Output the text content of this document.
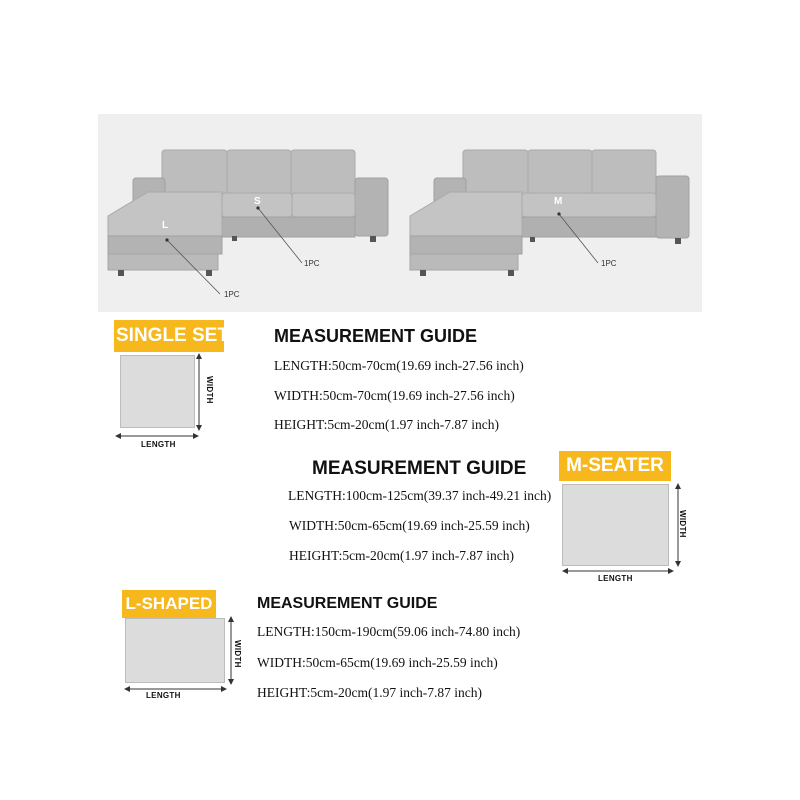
L
S	M
1PC
1PC	1PC
SINGLE SET
WIDTH
LENGTH
MEASUREMENT GUIDE
LENGTH:50cm-70cm(19.69 inch-27.56 inch)
WIDTH:50cm-70cm(19.69 inch-27.56 inch)
HEIGHT:5cm-20cm(1.97 inch-7.87 inch)
MEASUREMENT GUIDE
LENGTH:100cm-125cm(39.37 inch-49.21 inch)
WIDTH:50cm-65cm(19.69 inch-25.59 inch)
HEIGHT:5cm-20cm(1.97 inch-7.87 inch)
M-SEATER
WIDTH
LENGTH
L-SHAPED
WIDTH
LENGTH
MEASUREMENT GUIDE
LENGTH:150cm-190cm(59.06 inch-74.80 inch)
WIDTH:50cm-65cm(19.69 inch-25.59 inch)
HEIGHT:5cm-20cm(1.97 inch-7.87 inch)
